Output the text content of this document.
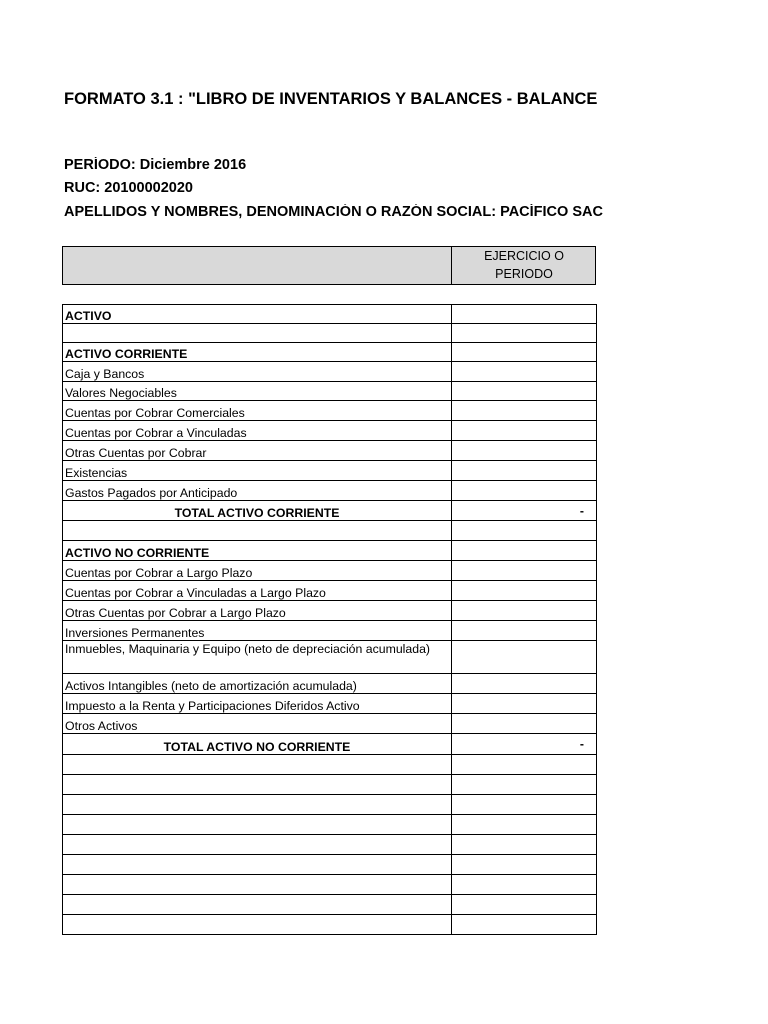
FORMATO 3.1 : "LIBRO DE INVENTARIOS Y BALANCES - BALANCE
PERÍODO: Diciembre 2016
RUC: 20100002020
APELLIDOS Y NOMBRES, DENOMINACIÓN O RAZÓN SOCIAL: PACÍFICO SAC
EJERCICIO O
PERIODO
ACTIVO	

ACTIVO CORRIENTE	
Caja y Bancos	
Valores Negociables	
Cuentas por Cobrar Comerciales	
Cuentas por Cobrar a Vinculadas	
Otras Cuentas por Cobrar	
Existencias	
Gastos Pagados por Anticipado	
TOTAL ACTIVO CORRIENTE	-

ACTIVO NO CORRIENTE	
Cuentas por Cobrar a Largo Plazo	
Cuentas por Cobrar a Vinculadas a Largo Plazo	
Otras Cuentas por Cobrar a Largo Plazo	
Inversiones Permanentes	
Inmuebles, Maquinaria y Equipo (neto de depreciación acumulada)	
Activos Intangibles (neto de amortización acumulada)	
Impuesto a la Renta y Participaciones Diferidos Activo	
Otros Activos	
TOTAL ACTIVO NO CORRIENTE	-
